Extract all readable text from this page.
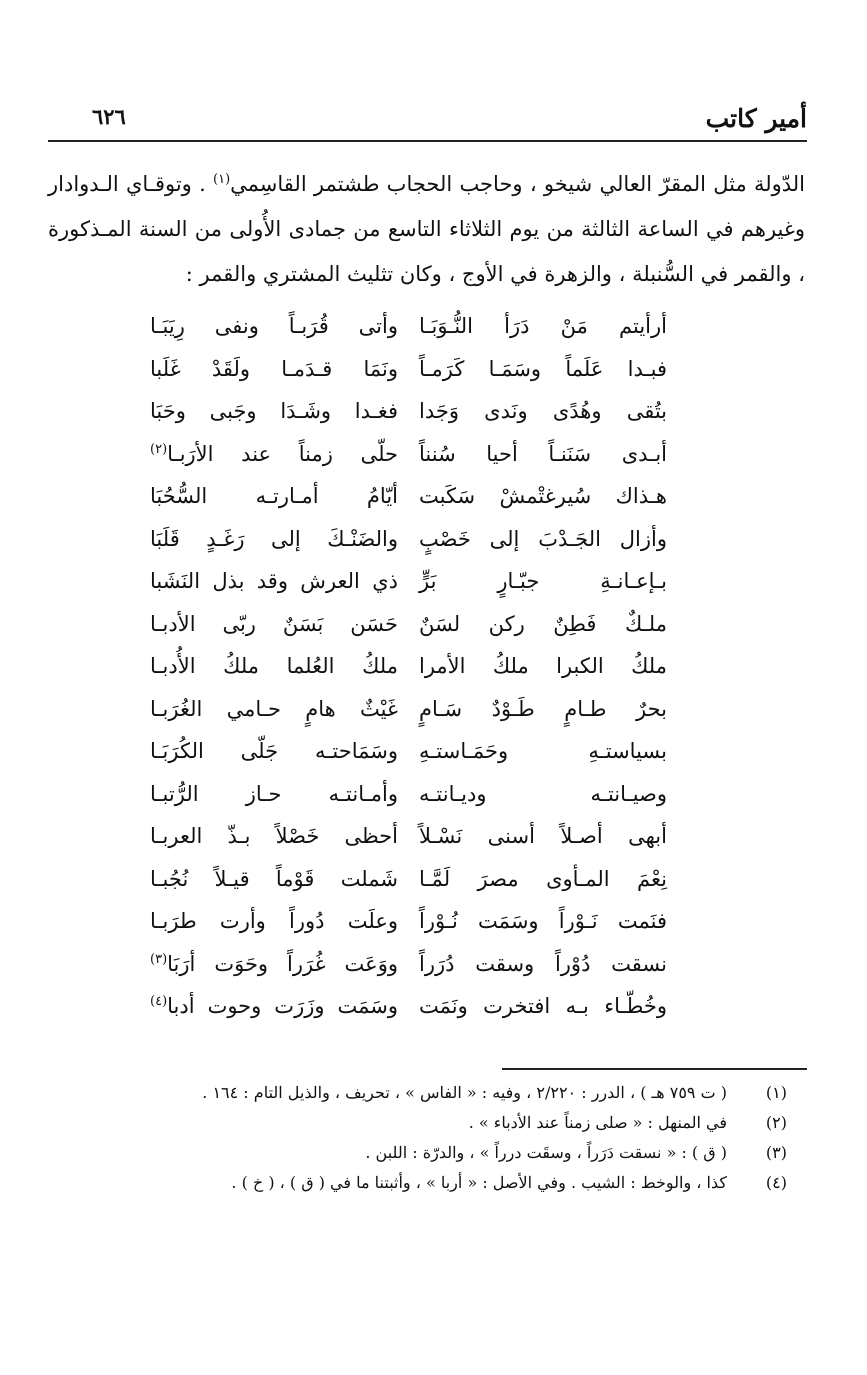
أمير كاتب
٦٢٦

الدّولة مثل المقرّ العالي شيخو ، وحاجب الحجاب طشتمر القاسِمي$^{(١)}$ . وتوقـاي الـدوادار وغيرهم في الساعة الثالثة من يوم الثلاثاء التاسع من جمادى الأُولى من السنة المـذكورة ، والقمر في السُّنبلة ، والزهرة في الأوج ، وكان تثليث المشتري والقمر :

أرأيتم مَنْ دَرَأ النُّـوَبَـا
وأتى قُرَبـاً ونفى رِيَبَـا
فبـدا عَلَماً وسَمَـا كَرَمـاً
ونَمَا قـدَمـا ولَقَدْ غَلَبا
بتُقى وهُدًى ونَدى وَجَدا
فغـدا وشَـدَا وجَبى وحَبَا
أبـدى سَنَنـاً أحيا سُنناً
حلّى زمناً عند الأرَبـا$^{(٢)}$
هـذاك سُيرغتْمشْ سَكَبت
أيّامُ أمـارتـه السُّحُبَا
وأزال الجَـدْبَ إلى خَصْبٍ
والضَنْـكَ إلى رَغَـدٍ قَلَبَا
بـإعـانـةِ جبّـارٍ بَرٍّ
ذي العرش وقد بذل النَشَبا
ملـكٌ فَطِنٌ ركن لسَنٌ
حَسَن بَسَنٌ ربّى الأدبـا
ملكُ الكبرا ملكُ الأمرا
ملكُ العُلما ملكُ الأُدبـا
بحرٌ طـامٍ طَـوْدٌ سَـامٍ
غَيْثٌ هامٍ حـامي الغُرَبـا
بسياستـهِ وحَمَـاستـهِ
وسَمَاحتـه جَلّى الكُرَبَـا
وصيـانتـه وديـانتـه
وأمـانتـه حـاز الرُّتبـا
أبهى أصـلاً أسنى نَسْـلاً
أحظى خَصْلاً بـذّ العربـا
نِعْمَ المـأوى مصرَ لَمَّـا
شَملت قَوْماً قيـلاً نُجُبـا
فنَمت نَـوْراً وسَمَت نُـوْراً
وعلَت دُوراً وأرت طرَبـا
نسقت دُوْراً وسقت دُرَراً
ووَعَت غُرَراً وحَوَت أرَبَا$^{(٣)}$
وخُطّـاء بـه افتخرت ونَمَت
وسَمَت وزَرَت وحوت أدبا$^{(٤)}$
(١)
( ت ٧٥٩ هـ ) ، الدرر : ٢/٢٢٠ ، وفيه : « الفاس » ، تحريف ، والذيل التام : ١٦٤ .
(٢)
في المنهل : « صلى زمناً عند الأدباء » .
(٣)
( ق ) : « نسقت دَرَراً ، وسقَت درراً » ، والدرّة : اللبن .
(٤)
كذا ، والوخط : الشيب . وفي الأصل : « أربا » ، وأثبتنا ما في ( ق ) ، ( خ ) .
